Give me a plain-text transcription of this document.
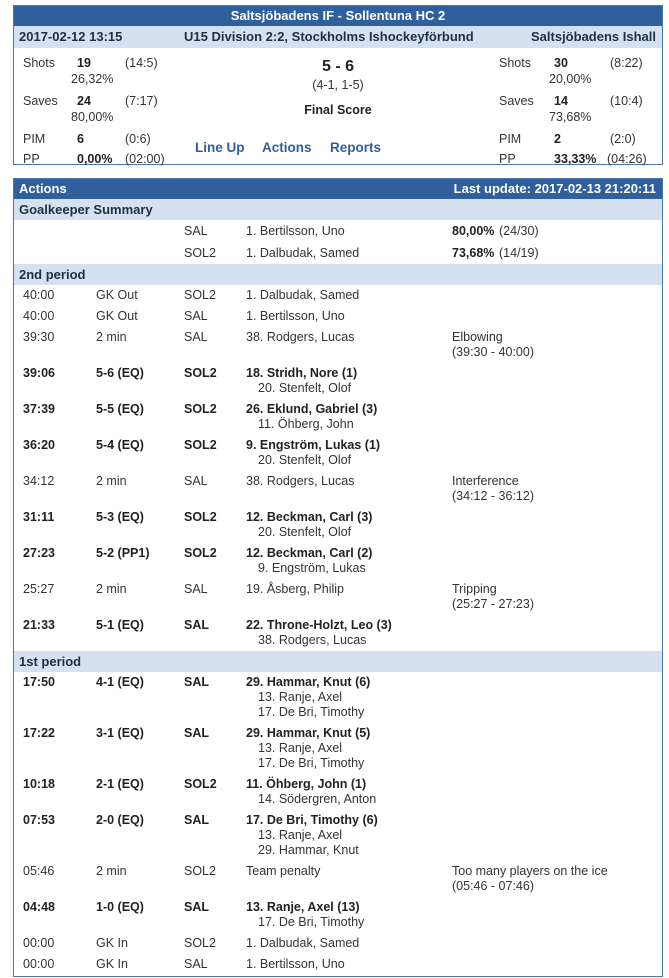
Saltsjöbadens IF - Sollentuna HC 2
2017-02-12 13:15	U15 Division 2:2, Stockholms Ishockeyförbund	Saltsjöbadens Ishall
Shots 19	(14:5)
26,32%
Saves 24	(7:17)
80,00%
PIM	6	(0:6)
PP	0,00% (02:00)
5 - 6
(4-1, 1-5)
Final Score
Line Up Actions Reports
Shots 30	(8:22)
20,00%
Saves 14	(10:4)
73,68%
PIM	2	(2:0)
PP	33,33% (04:26)
Actions	Last update: 2017-02-13 21:20:11
Goalkeeper Summary
SAL	1. Bertilsson, Uno	80,00% (24/30)
SOL2 1. Dalbudak, Samed	73,68% (14/19)
2nd period
40:00	GK Out	SOL2 1. Dalbudak, Samed
40:00	GK Out	SAL	1. Bertilsson, Uno
39:30	2 min	SAL	38. Rodgers, Lucas	Elbowing
(39:30 - 40:00)
39:06	5-6 (EQ)	SOL2 18. Stridh, Nore (1)
20. Stenfelt, Olof
37:39	5-5 (EQ)	SOL2 26. Eklund, Gabriel (3)
11. Öhberg, John
36:20	5-4 (EQ)	SOL2 9. Engström, Lukas (1)
20. Stenfelt, Olof
34:12	2 min	SAL	38. Rodgers, Lucas	Interference
(34:12 - 36:12)
31:11	5-3 (EQ)	SOL2 12. Beckman, Carl (3)
20. Stenfelt, Olof
27:23	5-2 (PP1)	SOL2 12. Beckman, Carl (2)
9. Engström, Lukas
25:27	2 min	SAL	19. Åsberg, Philip	Tripping
(25:27 - 27:23)
21:33	5-1 (EQ)	SAL	22. Throne-Holzt, Leo (3)
38. Rodgers, Lucas
1st period
17:50	4-1 (EQ)	SAL	29. Hammar, Knut (6)
13. Ranje, Axel
17. De Bri, Timothy
17:22	3-1 (EQ)	SAL	29. Hammar, Knut (5)
13. Ranje, Axel
17. De Bri, Timothy
10:18	2-1 (EQ)	SOL2 11. Öhberg, John (1)
14. Södergren, Anton
07:53	2-0 (EQ)	SAL	17. De Bri, Timothy (6)
13. Ranje, Axel
29. Hammar, Knut
05:46	2 min	SOL2 Team penalty	Too many players on the ice
(05:46 - 07:46)
04:48	1-0 (EQ)	SAL	13. Ranje, Axel (13)
17. De Bri, Timothy
00:00	GK In	SOL2 1. Dalbudak, Samed
00:00	GK In	SAL	1. Bertilsson, Uno
